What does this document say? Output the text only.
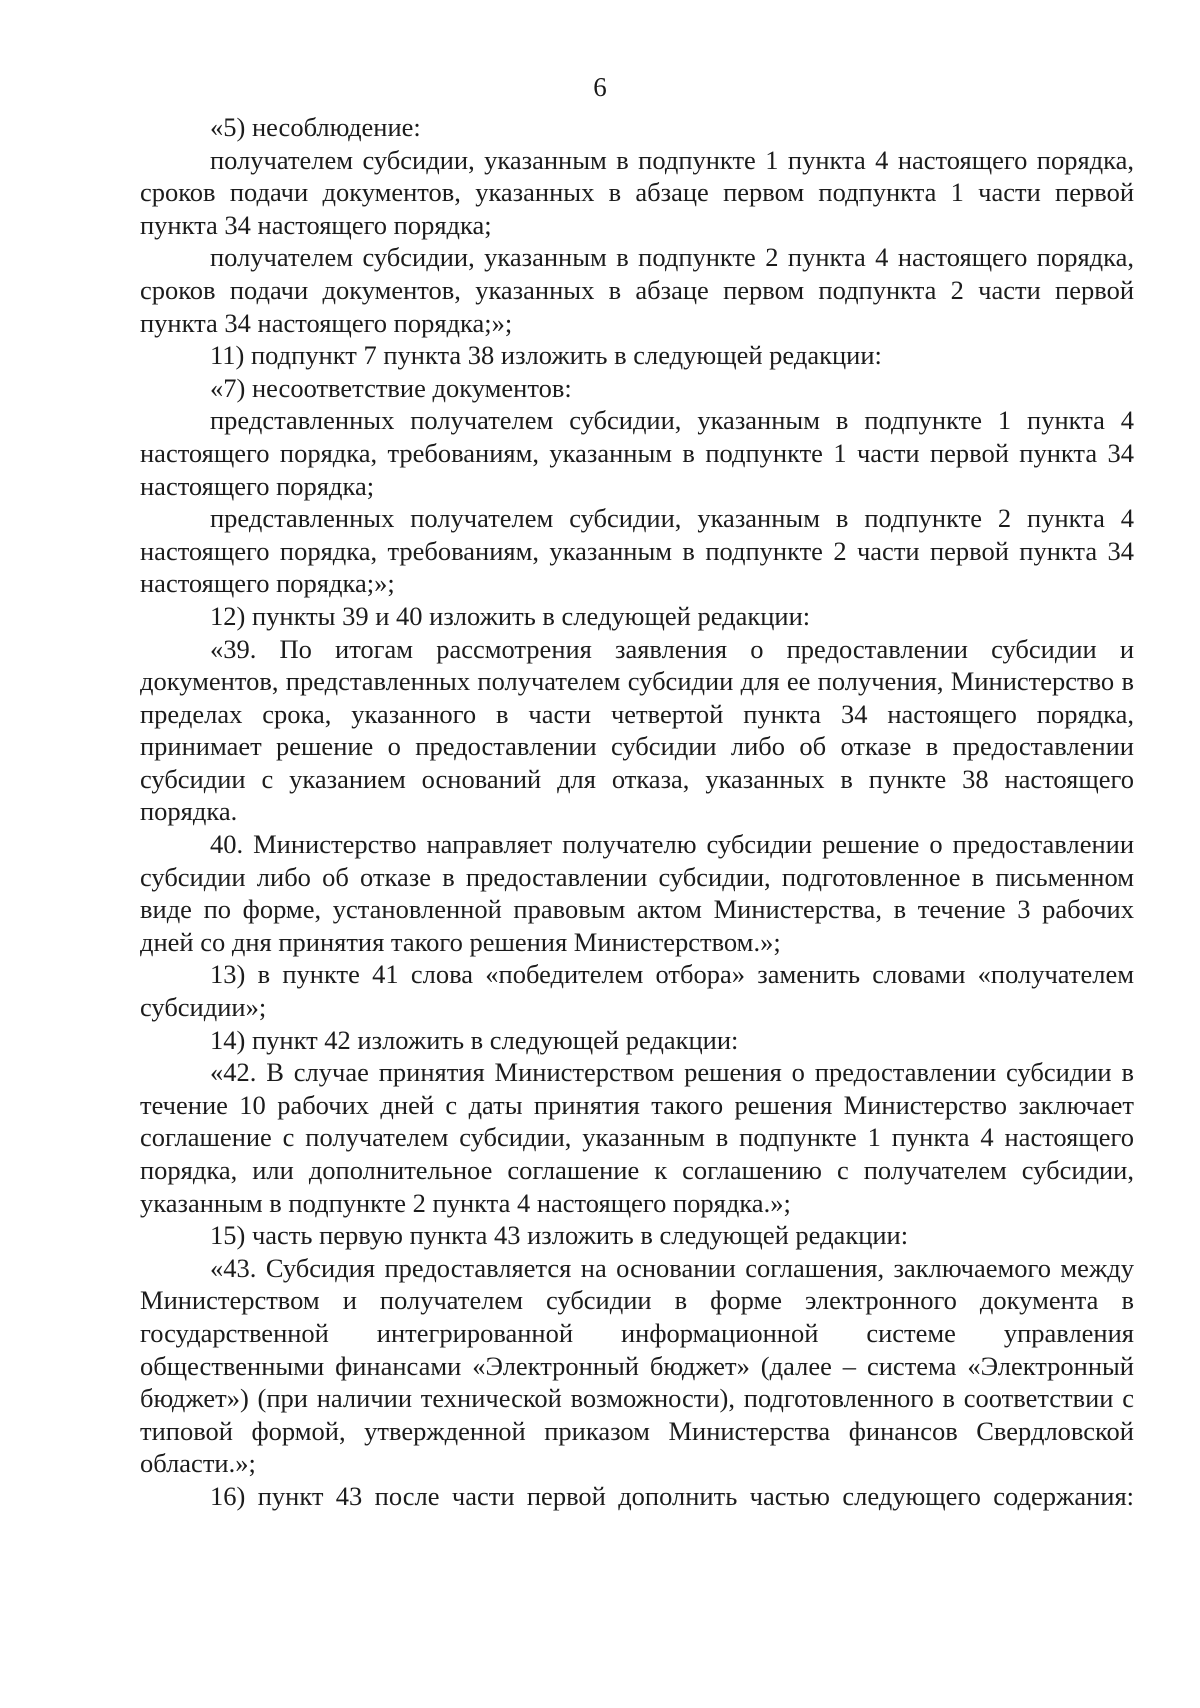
6

«5) несоблюдение:

получателем субсидии, указанным в подпункте 1 пункта 4 настоящего порядка, сроков подачи документов, указанных в абзаце первом подпункта 1 части первой пункта 34 настоящего порядка;

получателем субсидии, указанным в подпункте 2 пункта 4 настоящего порядка, сроков подачи документов, указанных в абзаце первом подпункта 2 части первой пункта 34 настоящего порядка;»;

11) подпункт 7 пункта 38 изложить в следующей редакции:

«7) несоответствие документов:

представленных получателем субсидии, указанным в подпункте 1 пункта 4 настоящего порядка, требованиям, указанным в подпункте 1 части первой пункта 34 настоящего порядка;

представленных получателем субсидии, указанным в подпункте 2 пункта 4 настоящего порядка, требованиям, указанным в подпункте 2 части первой пункта 34 настоящего порядка;»;

12) пункты 39 и 40 изложить в следующей редакции:

«39. По итогам рассмотрения заявления о предоставлении субсидии и документов, представленных получателем субсидии для ее получения, Министерство в пределах срока, указанного в части четвертой пункта 34 настоящего порядка, принимает решение о предоставлении субсидии либо об отказе в предоставлении субсидии с указанием оснований для отказа, указанных в пункте 38 настоящего порядка.

40. Министерство направляет получателю субсидии решение о предоставлении субсидии либо об отказе в предоставлении субсидии, подготовленное в письменном виде по форме, установленной правовым актом Министерства, в течение 3 рабочих дней со дня принятия такого решения Министерством.»;

13) в пункте 41 слова «победителем отбора» заменить словами «получателем субсидии»;

14) пункт 42 изложить в следующей редакции:

«42. В случае принятия Министерством решения о предоставлении субсидии в течение 10 рабочих дней с даты принятия такого решения Министерство заключает соглашение с получателем субсидии, указанным в подпункте 1 пункта 4 настоящего порядка, или дополнительное соглашение к соглашению с получателем субсидии, указанным в подпункте 2 пункта 4 настоящего порядка.»;

15) часть первую пункта 43 изложить в следующей редакции:

«43. Субсидия предоставляется на основании соглашения, заключаемого между Министерством и получателем субсидии в форме электронного документа в государственной интегрированной информационной системе управления общественными финансами «Электронный бюджет» (далее – система «Электронный бюджет») (при наличии технической возможности), подготовленного в соответствии с типовой формой, утвержденной приказом Министерства финансов Свердловской области.»;

16) пункт 43 после части первой дополнить частью следующего содержания:
